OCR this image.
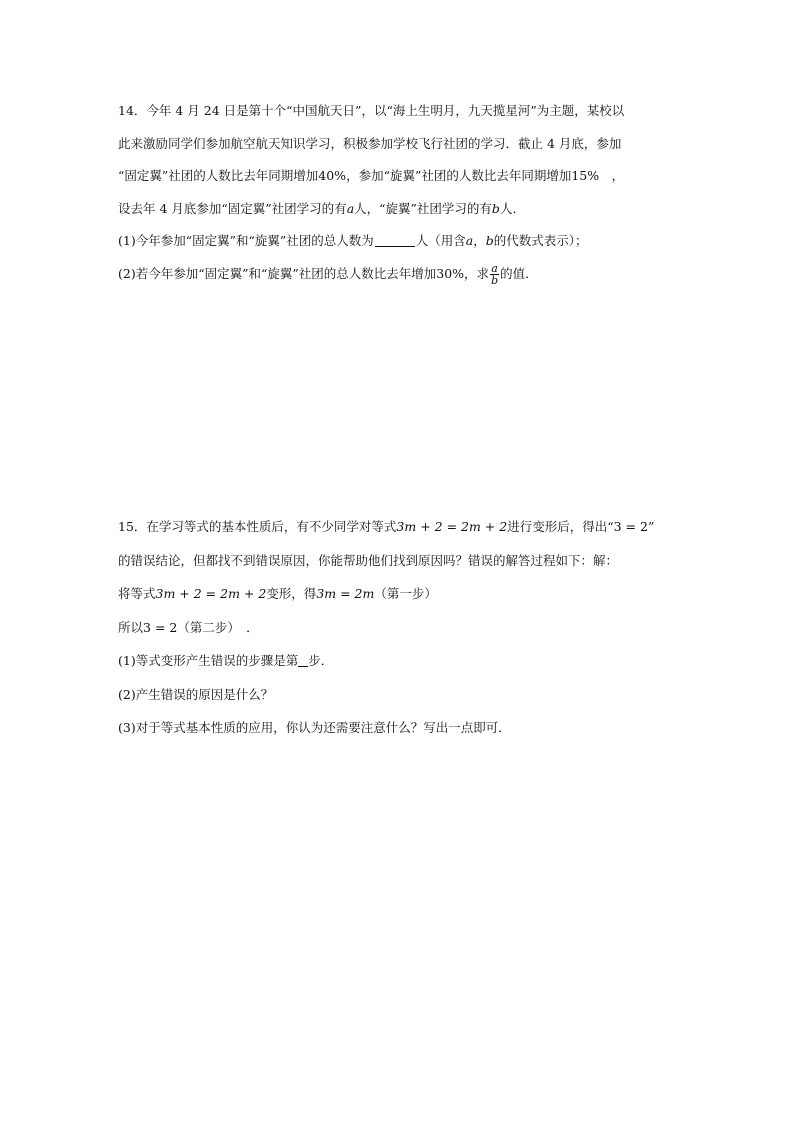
14．今年 4 月 24 日是第十个“中国航天日”，以“海上生明月，九天揽星河”为主题，某校以
此来激励同学们参加航空航天知识学习，积极参加学校飞行社团的学习．截止 4 月底，参加
“固定翼”社团的人数比去年同期增加40%，参加“旋翼”社团的人数比去年同期增加15%　，
设去年 4 月底参加“固定翼”社团学习的有a人，“旋翼”社团学习的有b人．
(1)今年参加“固定翼”和“旋翼”社团的总人数为	人（用含a，b的代数式表示）；
(2)若今年参加“固定翼”和“旋翼”社团的总人数比去年增加30%，求 $\frac{a}{b}$ 的值．
15．在学习等式的基本性质后，有不少同学对等式3m + 2 = 2m + 2进行变形后，得出“3 = 2”
的错误结论，但都找不到错误原因，你能帮助他们找到原因吗？错误的解答过程如下：解：
将等式3m + 2 = 2m + 2变形，得3m = 2m（第一步）
所以3 = 2（第二步）　．
(1)等式变形产生错误的步骤是第 步．
(2)产生错误的原因是什么？
(3)对于等式基本性质的应用，你认为还需要注意什么？写出一点即可．
